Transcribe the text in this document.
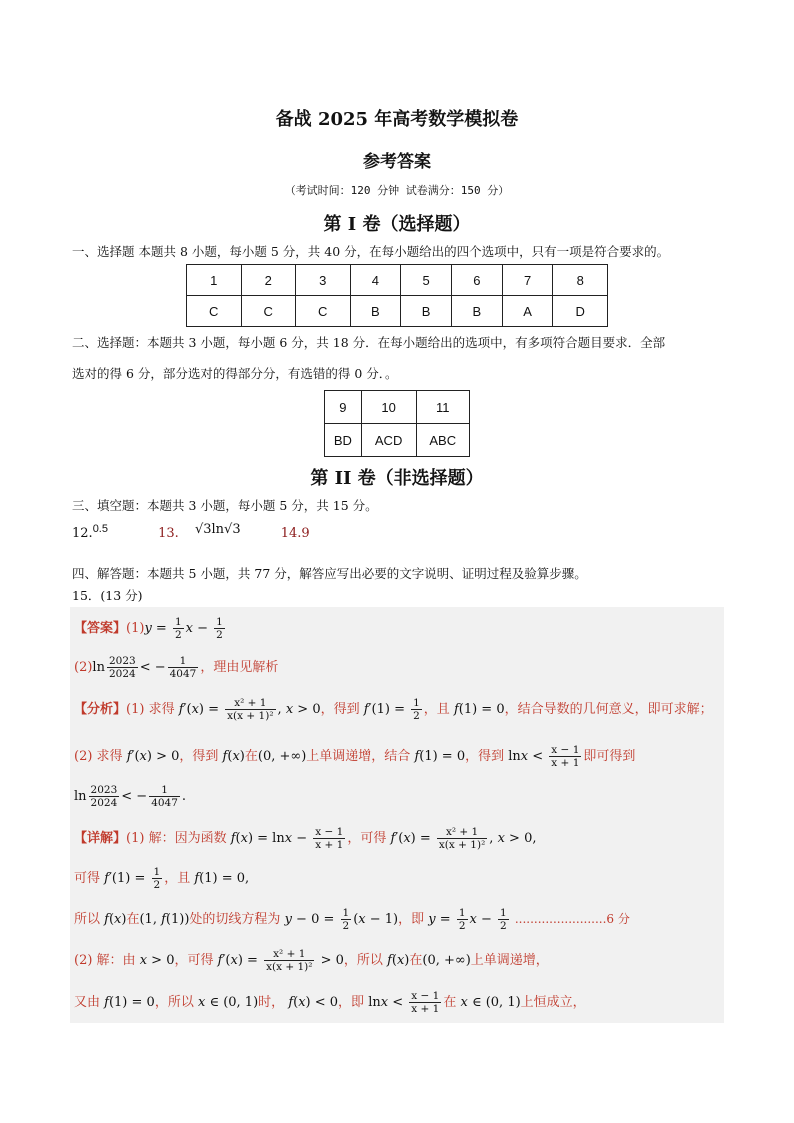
备战 2025 年高考数学模拟卷
参考答案
（考试时间：120 分钟 试卷满分：150 分）
第 I 卷（选择题）
一、选择题 本题共 8 小题，每小题 5 分，共 40 分，在每小题给出的四个选项中，只有一项是符合要求的。
1	2	3	4	5	6	7	8
C	C	C	B	B	B	A	D
二、选择题：本题共 3 小题，每小题 6 分，共 18 分．在每小题给出的选项中，有多项符合题目要求．全部
选对的得 6 分，部分选对的得部分分，有选错的得 0 分．。
9	10	11
BD	ACD	ABC
第 II 卷（非选择题）
三、填空题：本题共 3 小题，每小题 5 分，共 15 分。
12.$^{0.5}$	13. √3ln√3	14.9
四、解答题：本题共 5 小题，共 77 分，解答应写出必要的文字说明、证明过程及验算步骤。
15．(13 分)
【答案】$(1)y = \frac{1}{2}$ $x - \frac{1}{2}$
$(2)\ln \frac{2023}{2024}$ < − $\frac{1}{4047}$ ，理由见解析
【分析】(1) 求得 $f'(x) = \frac{\text{x² + 1}}{\text{x(x + 1)²}}$ , x > 0，得到 $f'(1) = \frac{1}{2}$ ，且 f(1) = 0，结合导数的几何意义，即可求解；
(2) 求得 f′(x) > 0，得到 f(x)在(0, +∞)上单调递增，结合 f(1) = 0，得到 $\ln x < \frac{x - 1}{x + 1}$ 即可得到
$\ln \frac{2023}{2024}$ < − $\frac{1}{4047}$ .
【详解】(1) 解：因为函数 $f(x) = \ln x - \frac{x - 1}{x + 1}$ ，可得 $f'(x) = \frac{\text{x² + 1}}{\text{x(x + 1)²}}$ , x > 0,
可得 $f'(1) = \frac{1}{2}$ ，且 f(1) = 0,
所以 f(x)在(1, f(1))处的切线方程为 $y - 0 = \frac{1}{2} (x - 1)$，即 $y = \frac{1}{2}$ $x - \frac{1}{2} ........................6$ 分
(2) 解：由 x > 0，可得 $f'(x) = \frac{\text{x² + 1}}{\text{x(x + 1)²}} > 0$，所以 f(x)在(0, +∞)上单调递增，
又由 f(1) = 0，所以 x ∈ (0, 1)时， f(x) < 0，即 $\ln x < \frac{x - 1}{x + 1}$ 在 x ∈ (0, 1)上恒成立，
